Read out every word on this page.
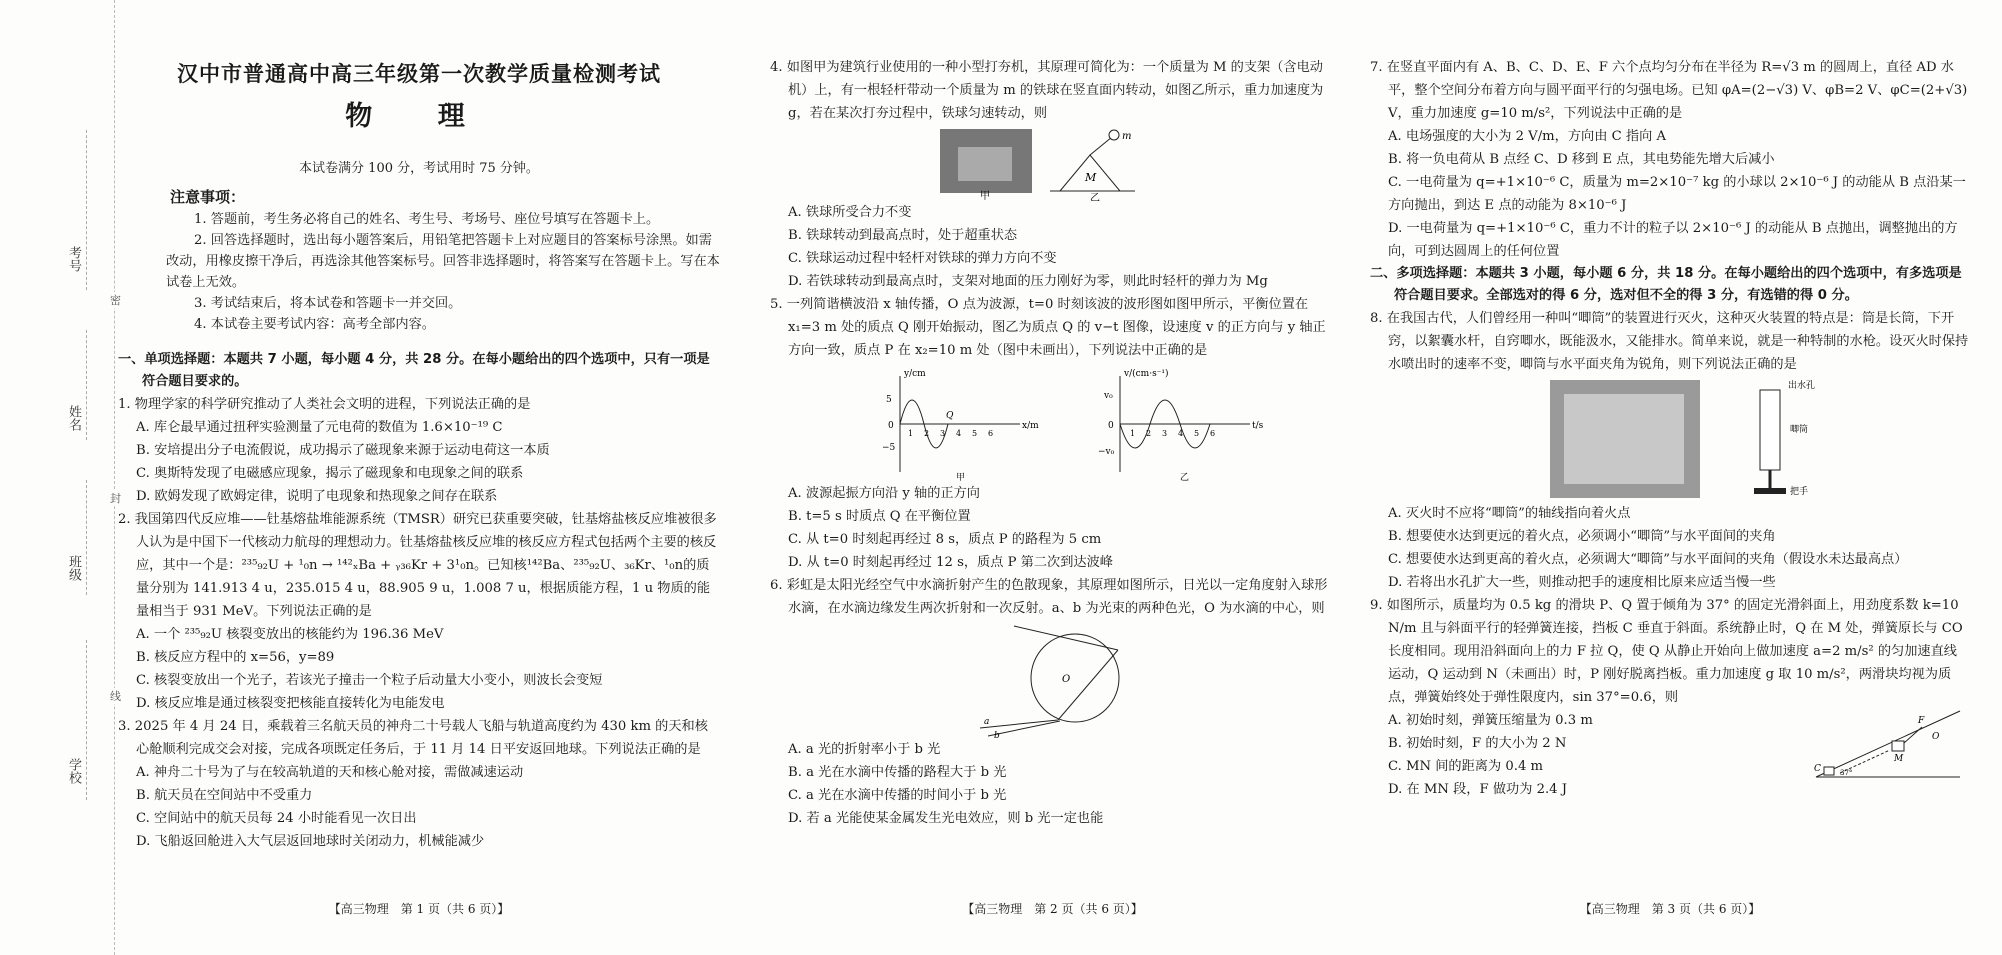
考号
姓名
班级
学校
密
封
线
汉中市普通高中高三年级第一次教学质量检测考试
物 理
本试卷满分 100 分，考试用时 75 分钟。
注意事项：
1. 答题前，考生务必将自己的姓名、考生号、考场号、座位号填写在答题卡上。
2. 回答选择题时，选出每小题答案后，用铅笔把答题卡上对应题目的答案标号涂黑。如需改动，用橡皮擦干净后，再选涂其他答案标号。回答非选择题时，将答案写在答题卡上。写在本试卷上无效。
3. 考试结束后，将本试卷和答题卡一并交回。
4. 本试卷主要考试内容：高考全部内容。
一、单项选择题：本题共 7 小题，每小题 4 分，共 28 分。在每小题给出的四个选项中，只有一项是符合题目要求的。
1. 物理学家的科学研究推动了人类社会文明的进程，下列说法正确的是
A. 库仑最早通过扭秤实验测量了元电荷的数值为 1.6×10⁻¹⁹ C
B. 安培提出分子电流假说，成功揭示了磁现象来源于运动电荷这一本质
C. 奥斯特发现了电磁感应现象，揭示了磁现象和电现象之间的联系
D. 欧姆发现了欧姆定律，说明了电现象和热现象之间存在联系
2. 我国第四代反应堆——钍基熔盐堆能源系统（TMSR）研究已获重要突破，钍基熔盐核反应堆被很多人认为是中国下一代核动力航母的理想动力。钍基熔盐核反应堆的核反应方程式包括两个主要的核反应，其中一个是：²³⁵₉₂U + ¹₀n → ¹⁴²ₓBa + ᵧ₃₆Kr + 3¹₀n。已知核¹⁴²Ba、²³⁵₉₂U、₃₆Kr、¹₀n的质量分别为 141.913 4 u，235.015 4 u，88.905 9 u，1.008 7 u，根据质能方程，1 u 物质的能量相当于 931 MeV。下列说法正确的是
A. 一个 ²³⁵₉₂U 核裂变放出的核能约为 196.36 MeV
B. 核反应方程中的 x=56，y=89
C. 核裂变放出一个光子，若该光子撞击一个粒子后动量大小变小，则波长会变短
D. 核反应堆是通过核裂变把核能直接转化为电能发电
3. 2025 年 4 月 24 日，乘载着三名航天员的神舟二十号载人飞船与轨道高度约为 430 km 的天和核心舱顺利完成交会对接，完成各项既定任务后，于 11 月 14 日平安返回地球。下列说法正确的是
A. 神舟二十号为了与在较高轨道的天和核心舱对接，需做减速运动
B. 航天员在空间站中不受重力
C. 空间站中的航天员每 24 小时能看见一次日出
D. 飞船返回舱进入大气层返回地球时关闭动力，机械能减少
【高三物理　第 1 页（共 6 页）】
4. 如图甲为建筑行业使用的一种小型打夯机，其原理可简化为：一个质量为 M 的支架（含电动机）上，有一根轻杆带动一个质量为 m 的铁球在竖直面内转动，如图乙所示，重力加速度为 g，若在某次打夯过程中，铁球匀速转动，则
甲
M
m
乙
A. 铁球所受合力不变
B. 铁球转动到最高点时，处于超重状态
C. 铁球运动过程中轻杆对铁球的弹力方向不变
D. 若铁球转动到最高点时，支架对地面的压力刚好为零，则此时轻杆的弹力为 Mg
5. 一列简谐横波沿 x 轴传播，O 点为波源，t=0 时刻该波的波形图如图甲所示，平衡位置在 x₁=3 m 处的质点 Q 刚开始振动，图乙为质点 Q 的 v−t 图像，设速度 v 的正方向与 y 轴正方向一致，质点 P 在 x₂=10 m 处（图中未画出），下列说法中正确的是
y/cm
x/m
5
0
−5
1 2 3 4 5 6
Q
甲
v/(cm·s⁻¹)
t/s
v₀
0
−v₀
1 2 3 4 5 6
乙
A. 波源起振方向沿 y 轴的正方向
B. t=5 s 时质点 Q 在平衡位置
C. 从 t=0 时刻起再经过 8 s，质点 P 的路程为 5 cm
D. 从 t=0 时刻起再经过 12 s，质点 P 第二次到达波峰
6. 彩虹是太阳光经空气中水滴折射产生的色散现象，其原理如图所示，日光以一定角度射入球形水滴，在水滴边缘发生两次折射和一次反射。a、b 为光束的两种色光，O 为水滴的中心，则
O
a
b
A. a 光的折射率小于 b 光
B. a 光在水滴中传播的路程大于 b 光
C. a 光在水滴中传播的时间小于 b 光
D. 若 a 光能使某金属发生光电效应，则 b 光一定也能
【高三物理　第 2 页（共 6 页）】
7. 在竖直平面内有 A、B、C、D、E、F 六个点均匀分布在半径为 R=√3 m 的圆周上，直径 AD 水平，整个空间分布着方向与圆平面平行的匀强电场。已知 φA=(2−√3) V、φB=2 V、φC=(2+√3) V，重力加速度 g=10 m/s²，下列说法中正确的是
A. 电场强度的大小为 2 V/m，方向由 C 指向 A
B. 将一负电荷从 B 点经 C、D 移到 E 点，其电势能先增大后减小
C. 一电荷量为 q=+1×10⁻⁶ C，质量为 m=2×10⁻⁷ kg 的小球以 2×10⁻⁶ J 的动能从 B 点沿某一方向抛出，到达 E 点的动能为 8×10⁻⁶ J
D. 一电荷量为 q=+1×10⁻⁶ C，重力不计的粒子以 2×10⁻⁶ J 的动能从 B 点抛出，调整抛出的方向，可到达圆周上的任何位置
二、多项选择题：本题共 3 小题，每小题 6 分，共 18 分。在每小题给出的四个选项中，有多选项是符合题目要求。全部选对的得 6 分，选对但不全的得 3 分，有选错的得 0 分。
8. 在我国古代，人们曾经用一种叫“唧筒”的装置进行灭火，这种灭火装置的特点是：筒是长筒，下开窍，以絮囊水杆，自窍唧水，既能汲水，又能排水。简单来说，就是一种特制的水枪。设灭火时保持水喷出时的速率不变，唧筒与水平面夹角为锐角，则下列说法正确的是
出水孔
唧筒
把手
A. 灭火时不应将“唧筒”的轴线指向着火点
B. 想要使水达到更远的着火点，必须调小“唧筒”与水平面间的夹角
C. 想要使水达到更高的着火点，必须调大“唧筒”与水平面间的夹角（假设水未达最高点）
D. 若将出水孔扩大一些，则推动把手的速度相比原来应适当慢一些
9. 如图所示，质量均为 0.5 kg 的滑块 P、Q 置于倾角为 37° 的固定光滑斜面上，用劲度系数 k=10 N/m 且与斜面平行的轻弹簧连接，挡板 C 垂直于斜面。系统静止时，Q 在 M 处，弹簧原长与 CO 长度相同。现用沿斜面向上的力 F 拉 Q，使 Q 从静止开始向上做加速度 a=2 m/s² 的匀加速直线运动，Q 运动到 N（未画出）时，P 刚好脱离挡板。重力加速度 g 取 10 m/s²，两滑块均视为质点，弹簧始终处于弹性限度内，sin 37°=0.6，则
A. 初始时刻，弹簧压缩量为 0.3 m
B. 初始时刻，F 的大小为 2 N
C. MN 间的距离为 0.4 m
D. 在 MN 段，F 做功为 2.4 J
F
O
M
C	37°
【高三物理　第 3 页（共 6 页）】
